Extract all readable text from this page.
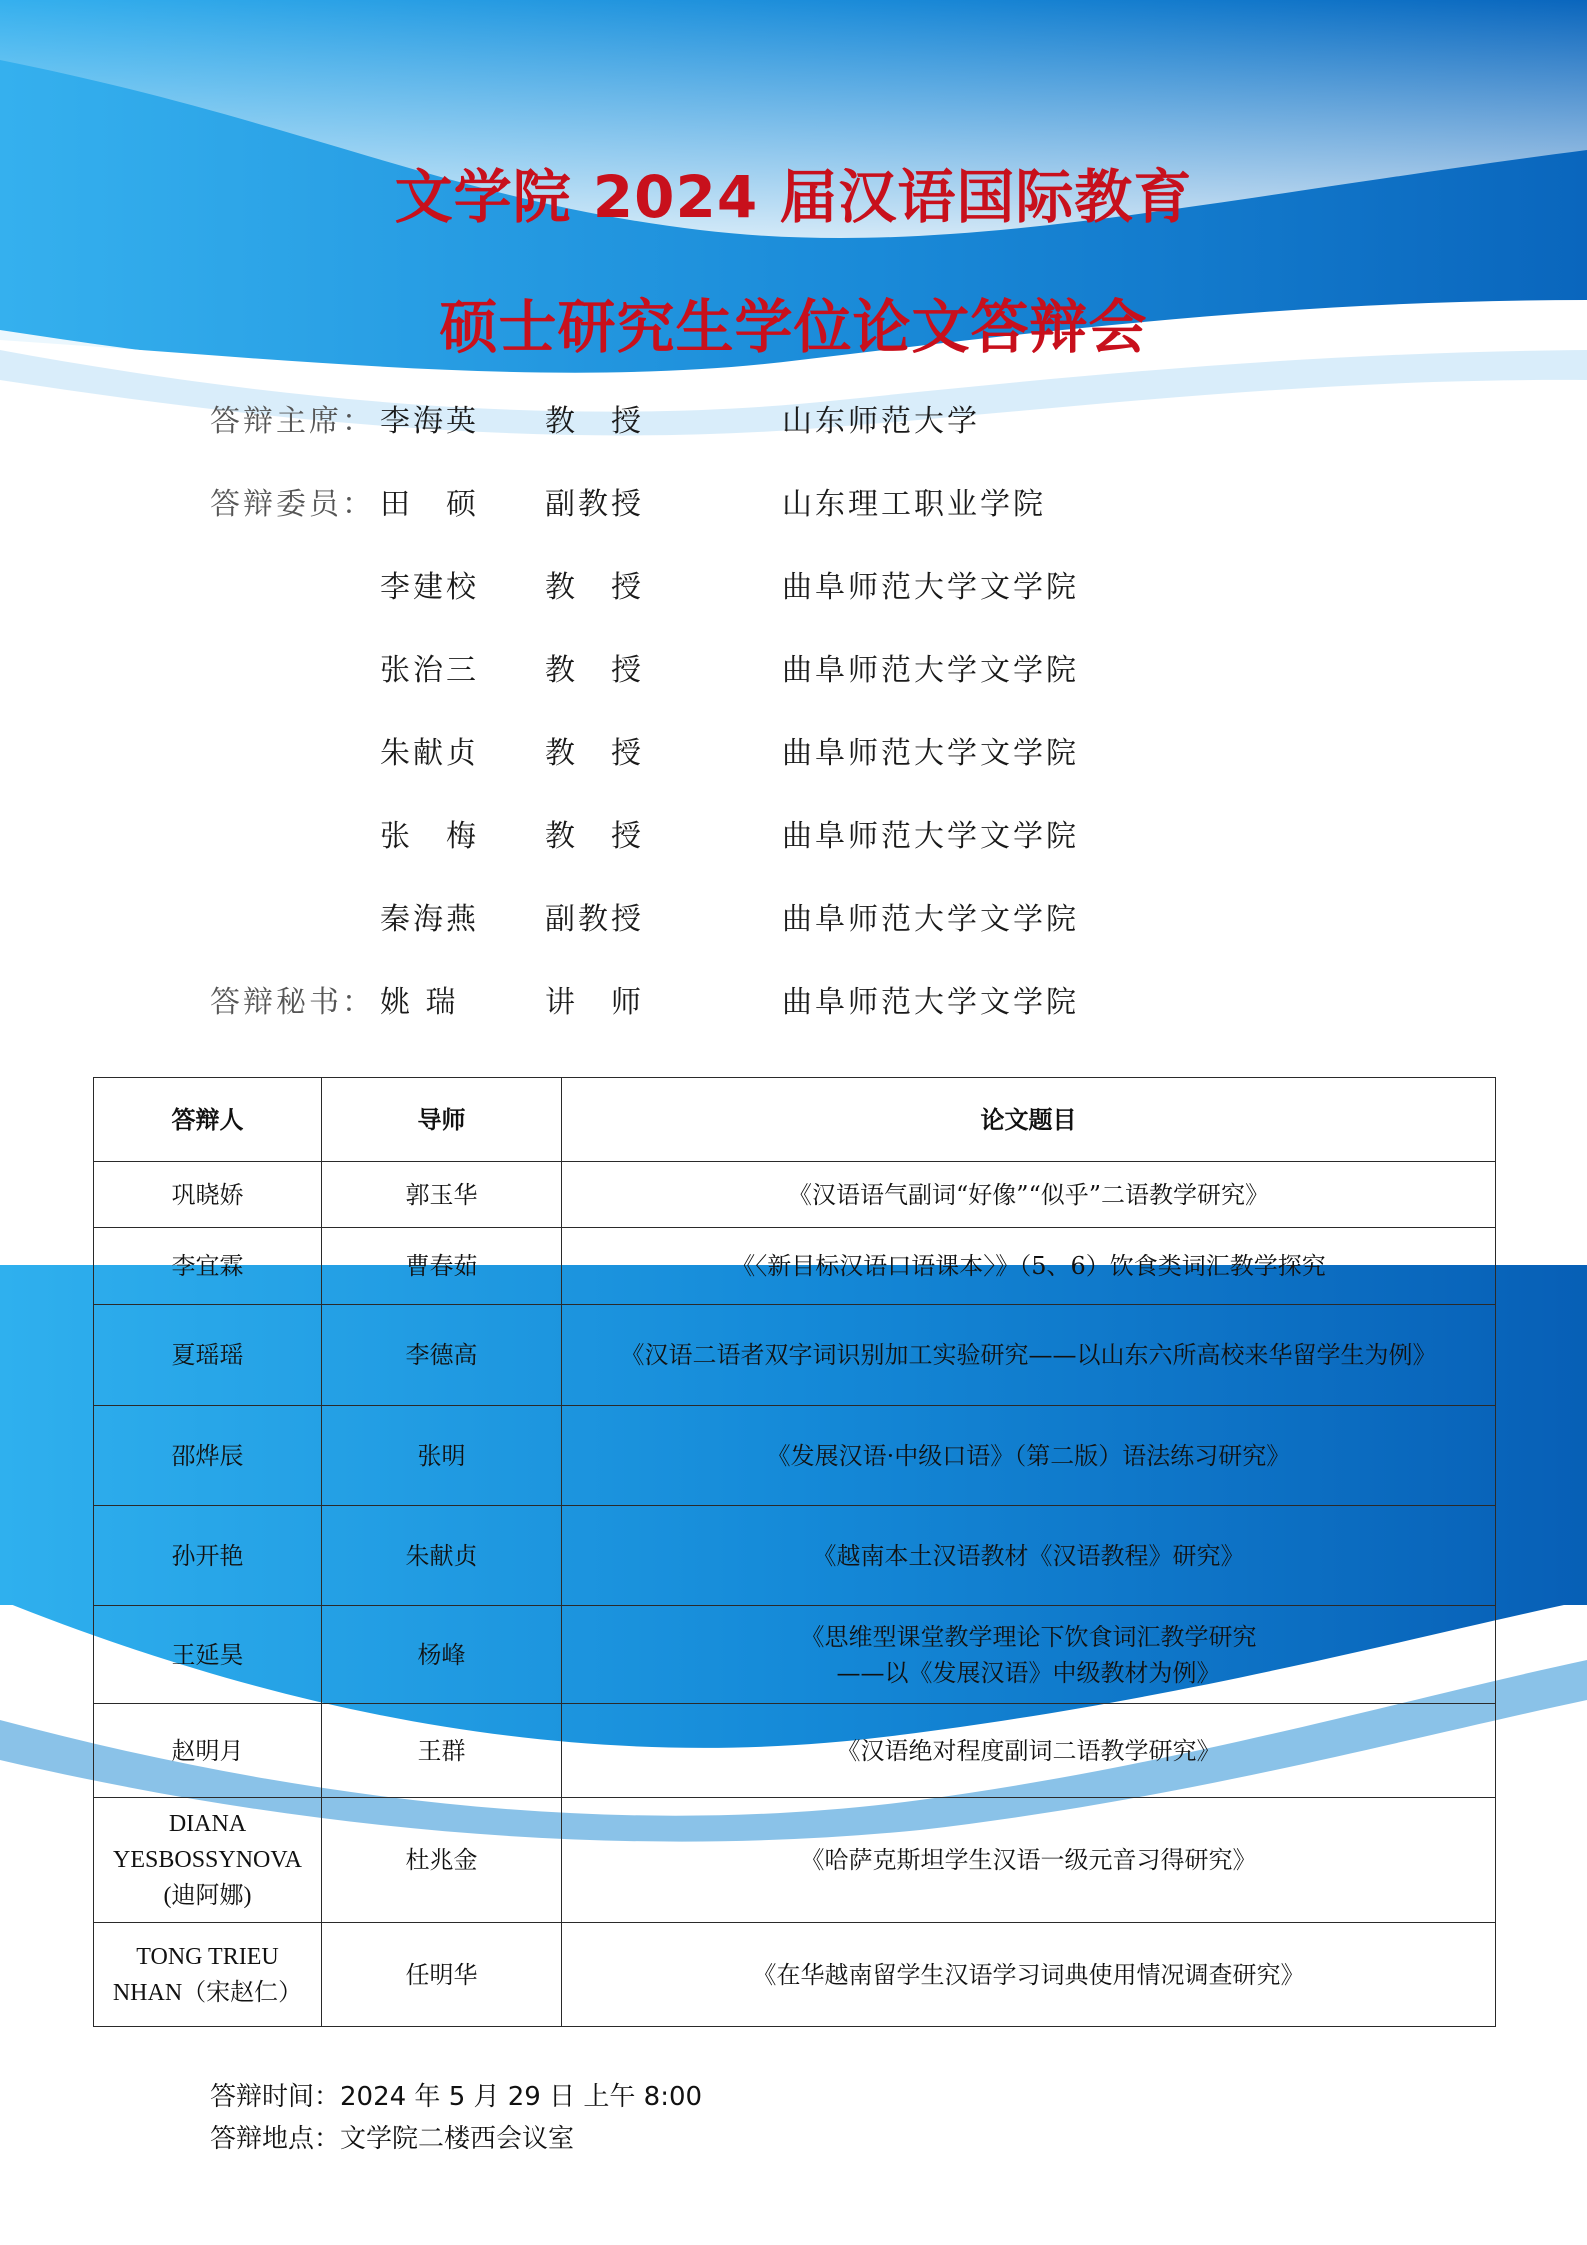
文学院 2024 届汉语国际教育
硕士研究生学位论文答辩会
答辩主席： 李海英 教　授	山东师范大学
答辩委员： 田　硕 副教授	山东理工职业学院
李建校 教　授	曲阜师范大学文学院
张治三 教　授	曲阜师范大学文学院
朱献贞 教　授	曲阜师范大学文学院
张　梅 教　授	曲阜师范大学文学院
秦海燕 副教授	曲阜师范大学文学院
答辩秘书： 姚 瑞	讲　师	曲阜师范大学文学院
答辩人	导师	论文题目
巩晓娇	郭玉华	《汉语语气副词“好像”“似乎”二语教学研究》
李宜霖	曹春茹	《〈新目标汉语口语课本〉》（5、6）饮食类词汇教学探究
夏瑶瑶	李德高	《汉语二语者双字词识别加工实验研究——以山东六所高校来华留学生为例》
邵烨辰	张明	《发展汉语·中级口语》（第二版）语法练习研究》
孙开艳	朱献贞	《越南本土汉语教材《汉语教程》研究》
王延昊	杨峰	《思维型课堂教学理论下饮食词汇教学研究
——以《发展汉语》中级教材为例》

赵明月	王群	《汉语绝对程度副词二语教学研究》
DIANA YESBOSSYNOVA (迪阿娜)	杜兆金	《哈萨克斯坦学生汉语一级元音习得研究》
TONG TRIEU NHAN（宋赵仁）	任明华	《在华越南留学生汉语学习词典使用情况调查研究》
答辩时间：2024 年 5 月 29 日 上午 8:00
答辩地点：文学院二楼西会议室
